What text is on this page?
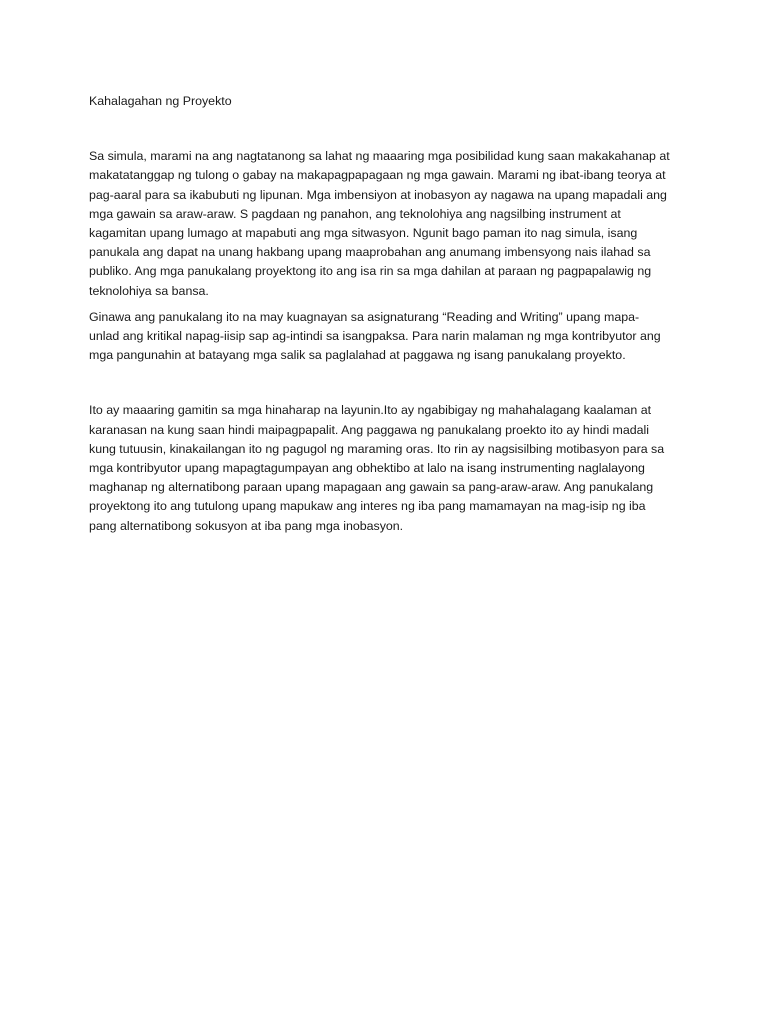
Kahalagahan ng Proyekto

Sa simula, marami na ang nagtatanong sa lahat ng maaaring mga posibilidad kung saan makakahanap at
makatatanggap ng tulong o gabay na makapagpapagaan ng mga gawain. Marami ng ibat-ibang teorya at
pag-aaral para sa ikabubuti ng lipunan. Mga imbensiyon at inobasyon ay nagawa na upang mapadali ang
mga gawain sa araw-araw. S pagdaan ng panahon, ang teknolohiya ang nagsilbing instrument at
kagamitan upang lumago at mapabuti ang mga sitwasyon. Ngunit bago paman ito nag simula, isang
panukala ang dapat na unang hakbang upang maaprobahan ang anumang imbensyong nais ilahad sa
publiko. Ang mga panukalang proyektong ito ang isa rin sa mga dahilan at paraan ng pagpapalawig ng
teknolohiya sa bansa.

Ginawa ang panukalang ito na may kuagnayan sa asignaturang “Reading and Writing” upang mapa-
unlad ang kritikal napag-iisip sap ag-intindi sa isangpaksa. Para narin malaman ng mga kontribyutor ang
mga pangunahin at batayang mga salik sa paglalahad at paggawa ng isang panukalang proyekto.

Ito ay maaaring gamitin sa mga hinaharap na layunin.Ito ay ngabibigay ng mahahalagang kaalaman at
karanasan na kung saan hindi maipagpapalit. Ang paggawa ng panukalang proekto ito ay hindi madali
kung tutuusin, kinakailangan ito ng pagugol ng maraming oras. Ito rin ay nagsisilbing motibasyon para sa
mga kontribyutor upang mapagtagumpayan ang obhektibo at lalo na isang instrumenting naglalayong
maghanap ng alternatibong paraan upang mapagaan ang gawain sa pang-araw-araw. Ang panukalang
proyektong ito ang tutulong upang mapukaw ang interes ng iba pang mamamayan na mag-isip ng iba
pang alternatibong sokusyon at iba pang mga inobasyon.
